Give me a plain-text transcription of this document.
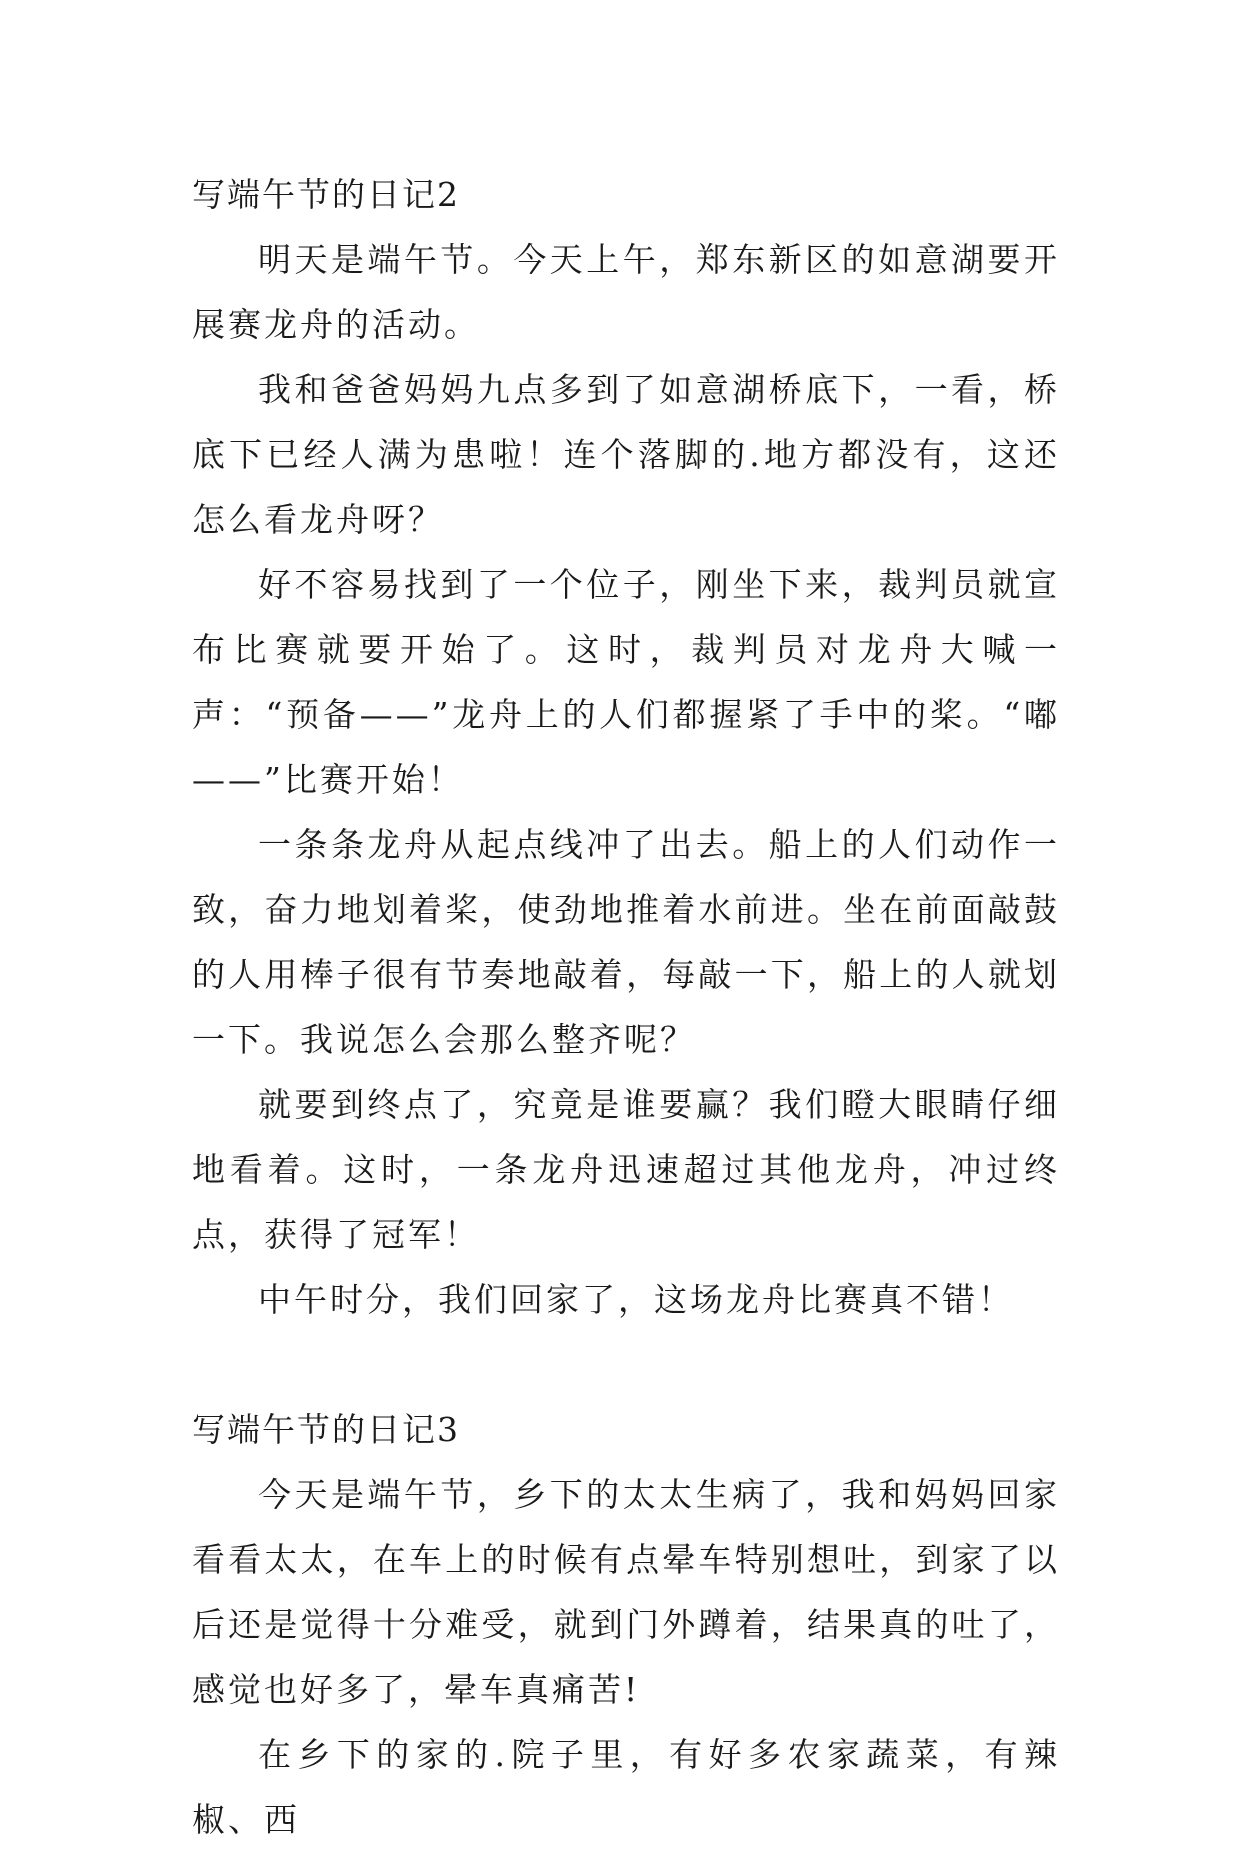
写端午节的日记2

明天是端午节。今天上午，郑东新区的如意湖要开展赛龙舟的活动。

我和爸爸妈妈九点多到了如意湖桥底下，一看，桥底下已经人满为患啦！连个落脚的.地方都没有，这还怎么看龙舟呀？

好不容易找到了一个位子，刚坐下来，裁判员就宣布比赛就要开始了。这时，裁判员对龙舟大喊一声：“预备——”龙舟上的人们都握紧了手中的桨。“嘟——”比赛开始！

一条条龙舟从起点线冲了出去。船上的人们动作一致，奋力地划着桨，使劲地推着水前进。坐在前面敲鼓的人用棒子很有节奏地敲着，每敲一下，船上的人就划一下。我说怎么会那么整齐呢？

就要到终点了，究竟是谁要赢？我们瞪大眼睛仔细地看着。这时，一条龙舟迅速超过其他龙舟，冲过终点，获得了冠军！

中午时分，我们回家了，这场龙舟比赛真不错！

写端午节的日记3

今天是端午节，乡下的太太生病了，我和妈妈回家看看太太，在车上的时候有点晕车特别想吐，到家了以后还是觉得十分难受，就到门外蹲着，结果真的吐了，感觉也好多了，晕车真痛苦!

在乡下的家的.院子里，有好多农家蔬菜，有辣椒、西
